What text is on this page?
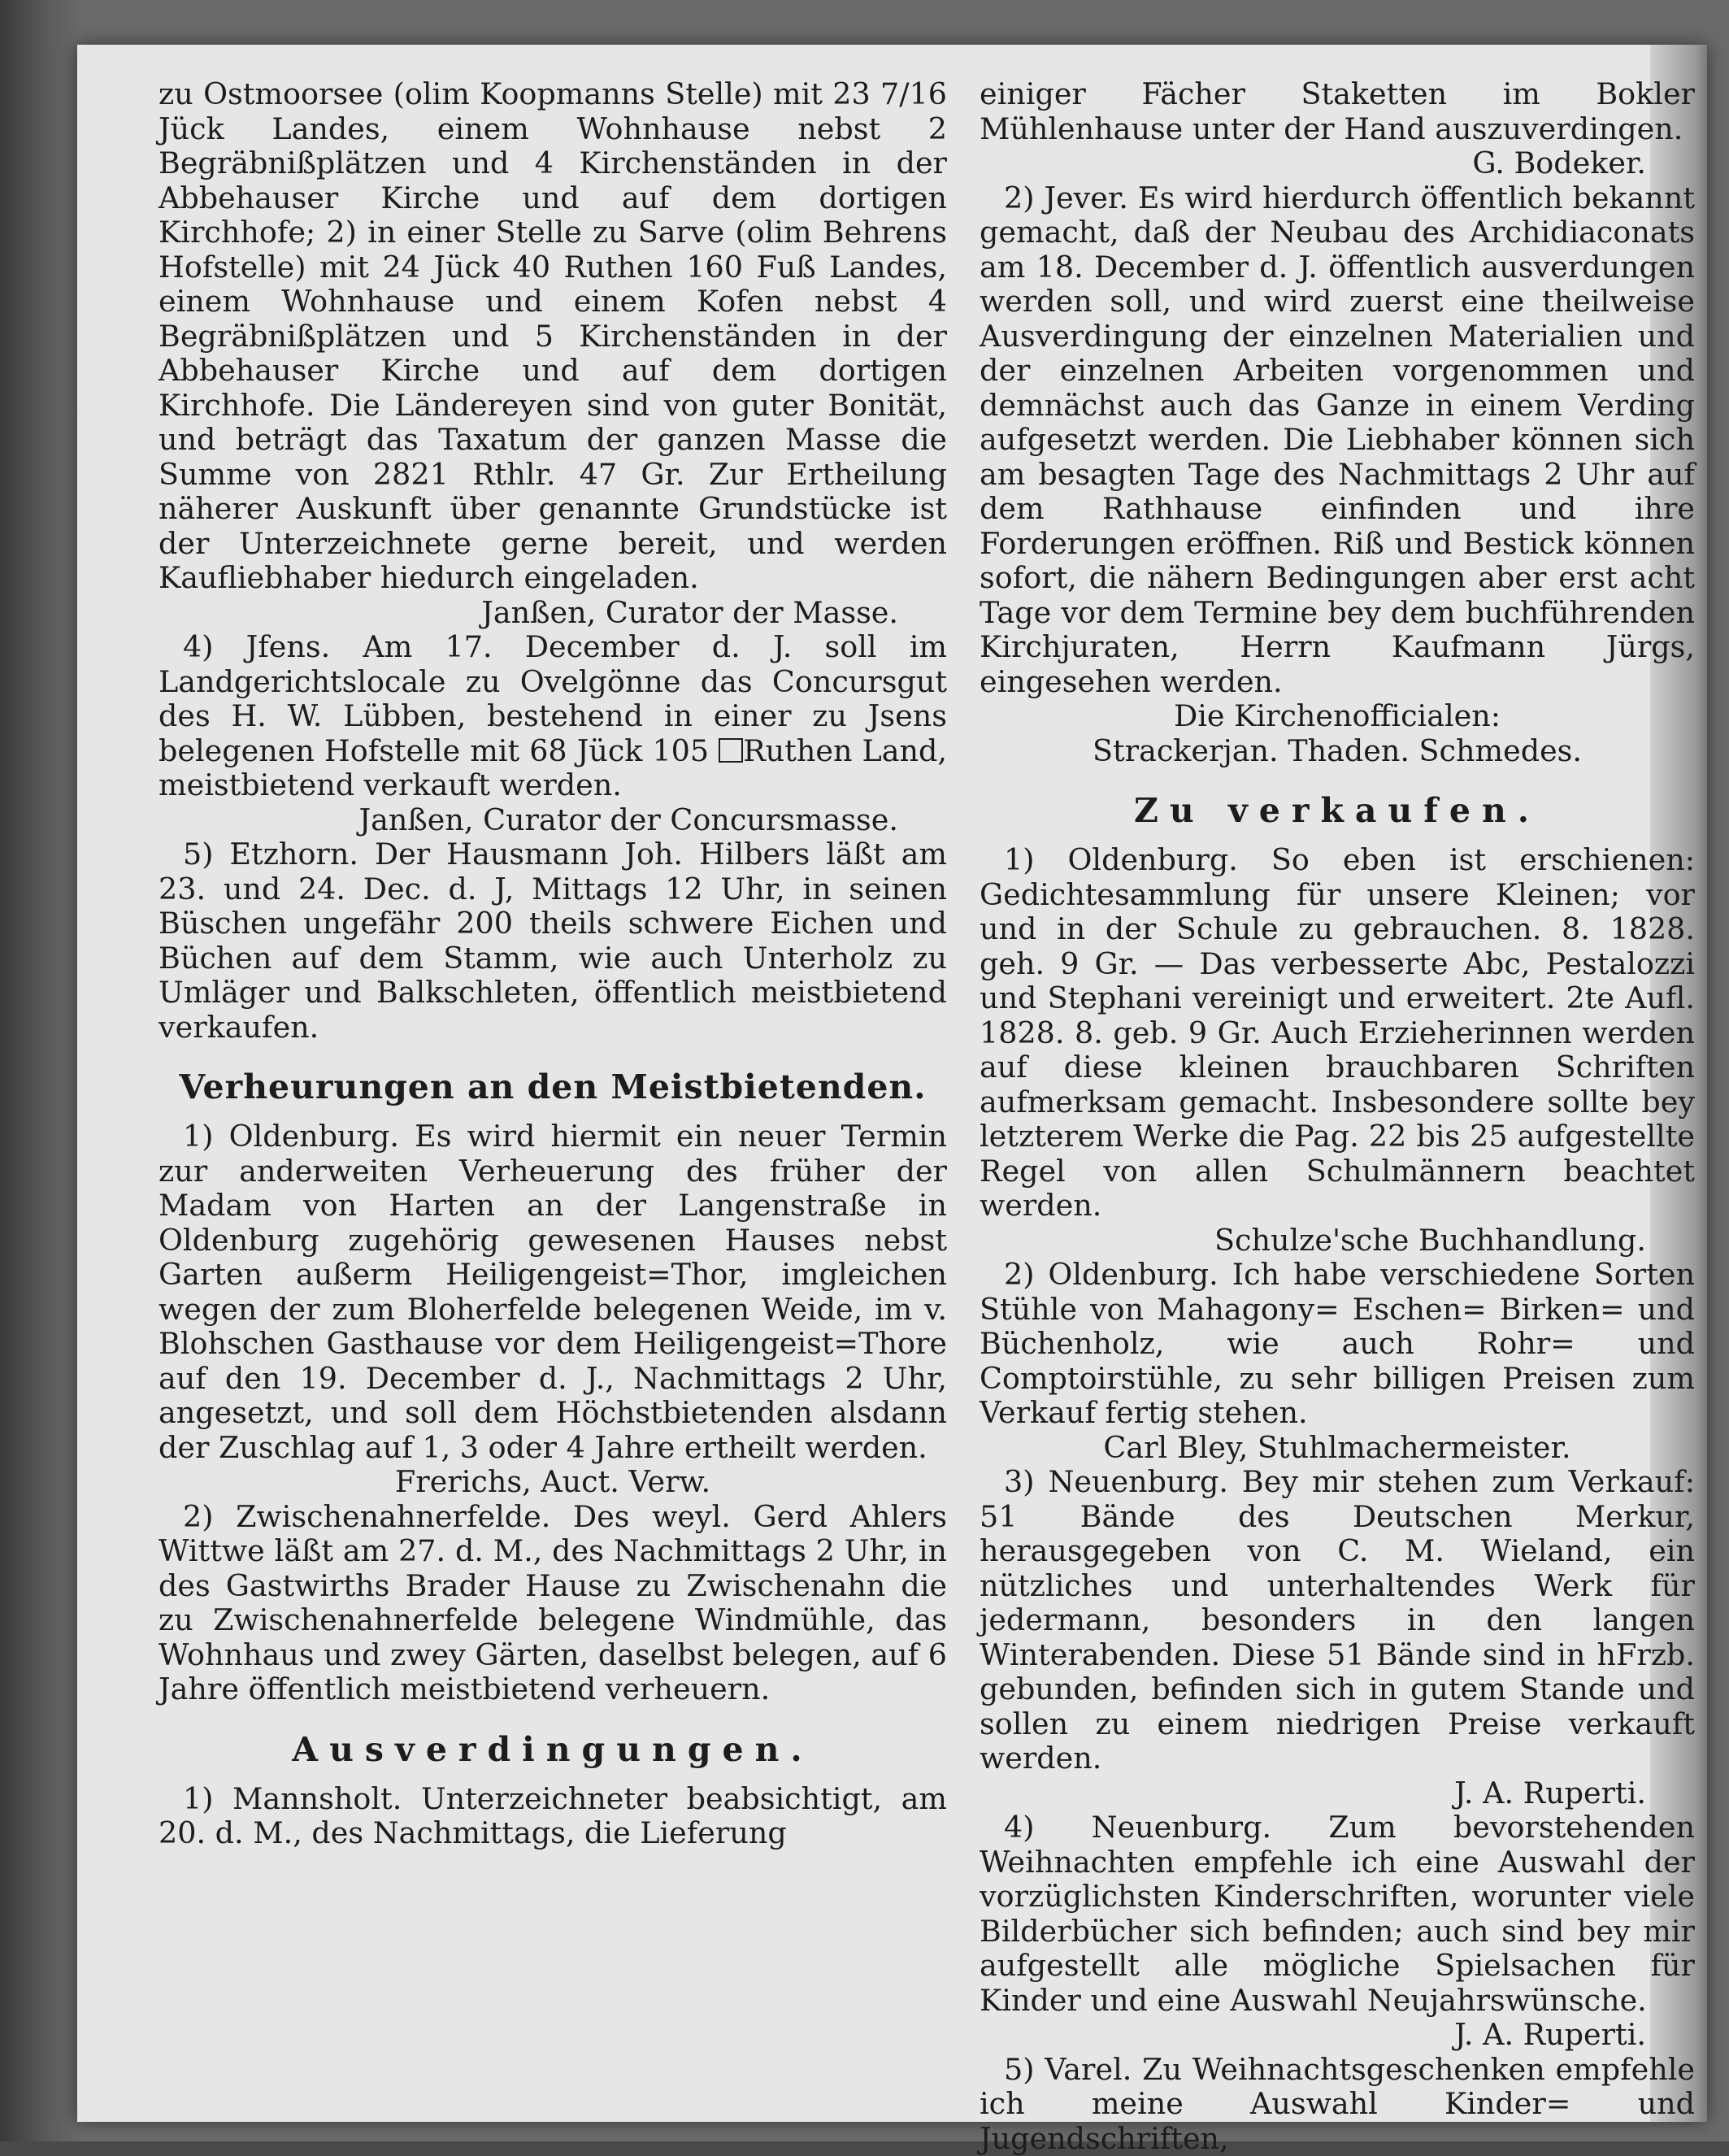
zu Ostmoorsee (olim Koopmanns Stelle) mit 23 7/16 Jück Landes, einem Wohnhause nebst 2 Begräbnißplätzen und 4 Kirchenständen in der Abbehauser Kirche und auf dem dortigen Kirchhofe; 2) in einer Stelle zu Sarve (olim Behrens Hofstelle) mit 24 Jück 40 Ruthen 160 Fuß Landes, einem Wohnhause und einem Kofen nebst 4 Begräbnißplätzen und 5 Kirchenständen in der Abbehauser Kirche und auf dem dortigen Kirchhofe. Die Ländereyen sind von guter Bonität, und beträgt das Taxatum der ganzen Masse die Summe von 2821 Rthlr. 47 Gr. Zur Ertheilung näherer Auskunft über genannte Grundstücke ist der Unterzeichnete gerne bereit, und werden Kaufliebhaber hiedurch eingeladen.

Janßen, Curator der Masse.

4) Jfens. Am 17. December d. J. soll im Landgerichtslocale zu Ovelgönne das Concursgut des H. W. Lübben, bestehend in einer zu Jsens belegenen Hofstelle mit 68 Jück 105 Ruthen Land, meistbietend verkauft werden.

Janßen, Curator der Concursmasse.

5) Etzhorn. Der Hausmann Joh. Hilbers läßt am 23. und 24. Dec. d. J, Mittags 12 Uhr, in seinen Büschen ungefähr 200 theils schwere Eichen und Büchen auf dem Stamm, wie auch Unterholz zu Umläger und Balkschleten, öffentlich meistbietend verkaufen.

Verheurungen an den Meistbietenden.

1) Oldenburg. Es wird hiermit ein neuer Termin zur anderweiten Verheuerung des früher der Madam von Harten an der Langenstraße in Oldenburg zugehörig gewesenen Hauses nebst Garten außerm Heiligengeist=Thor, imgleichen wegen der zum Bloherfelde belegenen Weide, im v. Blohschen Gasthause vor dem Heiligengeist=Thore auf den 19. December d. J., Nachmittags 2 Uhr, angesetzt, und soll dem Höchstbietenden alsdann der Zuschlag auf 1, 3 oder 4 Jahre ertheilt werden.

Frerichs, Auct. Verw.

2) Zwischenahnerfelde. Des weyl. Gerd Ahlers Wittwe läßt am 27. d. M., des Nachmittags 2 Uhr, in des Gastwirths Brader Hause zu Zwischenahn die zu Zwischenahnerfelde belegene Windmühle, das Wohnhaus und zwey Gärten, daselbst belegen, auf 6 Jahre öffentlich meistbietend verheuern.

Ausverdingungen.

1) Mannsholt. Unterzeichneter beabsichtigt, am 20. d. M., des Nachmittags, die Lieferung

einiger Fächer Staketten im Bokler Mühlenhause unter der Hand auszuverdingen.

G. Bodeker.

2) Jever. Es wird hierdurch öffentlich bekannt gemacht, daß der Neubau des Archidiaconats am 18. December d. J. öffentlich ausverdungen werden soll, und wird zuerst eine theilweise Ausverdingung der einzelnen Materialien und der einzelnen Arbeiten vorgenommen und demnächst auch das Ganze in einem Verding aufgesetzt werden. Die Liebhaber können sich am besagten Tage des Nachmittags 2 Uhr auf dem Rathhause einfinden und ihre Forderungen eröffnen. Riß und Bestick können sofort, die nähern Bedingungen aber erst acht Tage vor dem Termine bey dem buchführenden Kirchjuraten, Herrn Kaufmann Jürgs, eingesehen werden.

Die Kirchenofficialen:

Strackerjan. Thaden. Schmedes.

Zu verkaufen.

1) Oldenburg. So eben ist erschienen: Gedichtesammlung für unsere Kleinen; vor und in der Schule zu gebrauchen. 8. 1828. geh. 9 Gr. — Das verbesserte Abc, Pestalozzi und Stephani vereinigt und erweitert. 2te Aufl. 1828. 8. geb. 9 Gr. Auch Erzieherinnen werden auf diese kleinen brauchbaren Schriften aufmerksam gemacht. Insbesondere sollte bey letzterem Werke die Pag. 22 bis 25 aufgestellte Regel von allen Schulmännern beachtet werden.

Schulze'sche Buchhandlung.

2) Oldenburg. Ich habe verschiedene Sorten Stühle von Mahagony= Eschen= Birken= und Büchenholz, wie auch Rohr= und Comptoirstühle, zu sehr billigen Preisen zum Verkauf fertig stehen.

Carl Bley, Stuhlmachermeister.

3) Neuenburg. Bey mir stehen zum Verkauf: 51 Bände des Deutschen Merkur, herausgegeben von C. M. Wieland, ein nützliches und unterhaltendes Werk für jedermann, besonders in den langen Winterabenden. Diese 51 Bände sind in hFrzb. gebunden, befinden sich in gutem Stande und sollen zu einem niedrigen Preise verkauft werden.

J. A. Ruperti.

4) Neuenburg. Zum bevorstehenden Weihnachten empfehle ich eine Auswahl der vorzüglichsten Kinderschriften, worunter viele Bilderbücher sich befinden; auch sind bey mir aufgestellt alle mögliche Spielsachen für Kinder und eine Auswahl Neujahrswünsche.

J. A. Ruperti.

5) Varel. Zu Weihnachtsgeschenken empfehle ich meine Auswahl Kinder= und Jugendschriften,
